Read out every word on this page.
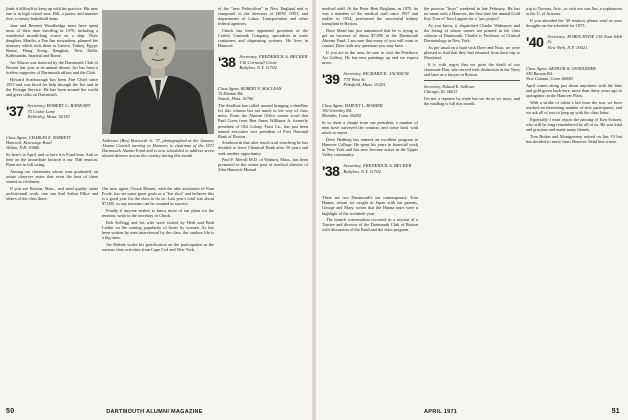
finds it difficult to keep up with his practice. His new one is in high school now. Bill, a junior, and number five, a varsity basketball team.

Jane and Bennett Woodbridge must have spent most of their time traveling in 1970, including a wonderful month-long cruise on a ship. Their daughter, Martha, a Pan Am stewardess, planned the itinerary which took them to Greece, Turkey, Egypt, Beirut, Hong Kong, Bangkok, New Delhi, Kathmandu, Istanbul and Rome.

Art Mason was honored by the Dartmouth Club of Boston last year at its annual dinner. Art has been a tireless supporter of Dartmouth affairs and the Club.

Howard Scarborough has been Fire Chief since 1955 and was hired for help through the fire and in the Foreign Service. He has been around the world and gives talks on Dartmouth.

'37 Secretary, ROBERT C. BANKART
75 Cedar Lane
Wellesley, Mass. 02181
Class Agent, CHARLES E. BARRETT
Hancock, Kearsarge Road
Wilton, N.H. 03086

So here's to April, and so here it is Fund time. And so here on the immediate horizon is our 35th reunion. Plans are in full swing.

Among our classmates whose sons graduated, an astute observer notes that even the best of them started as freshmen.

If you see Boston, Mass., and need quality stone architectural work, one can find Arthur Elliot and others of the class there.

Anderson (Bos) Bosworth Jr. '37, photographed at the January Alumni Council meeting in Hanover, is chairman of the 1971 Dartmouth Alumni Fund and is now scheduled to address seven alumni dinners across the country during this month.

Our new agent, Chuck Bassett, with the able assistance of Fran Poole, has set some great goals as a "hot shot" and believes this is a good year for the class to do so. Last year's total was about $7,000, so any increase can be counted as success.

Finally if anyone wishes to know more of our plans for the reunion, write to the secretary or Chuck.

Bob Kellogg and his wife were visited by Herb and Beth Larkin on the coming popularity of boots by women. As has been written by men interviewed by the class, the outdoor life is a big draw.

Art Klebek writes his gratification on the participation in the various class activities from Cape Cod and New York.

of the "new Federalism" in New England and is composed of the directors of HEW, OEO, and departments of Labor, Transportation and other federal agencies.

Chuck has been appointed president of the Conley Canitank Company, specialists in outer containers and dispensing systems. He lives in Hanover.

'38 Secretary, FREDERICK A. BECKER
136 Cornwall Court
Babylon, N.Y. 11702
Class Agent, ROBERT F. MACLEAN
15 Dunton Rd.
Natick, Mass. 01760

The deadline has rolled around bringing a deadline for this column but not much in the way of class news. From the Alumni Office comes word that Paul Cross from Ben Ames Williams Jr. formerly president of Old Colony Trust Co., has just been named executive vice president of First National Bank of Boston.

Southworth that after much soul searching he has decided to leave Chemical Bank after 30 years and seek another opportunity.

Paul F. Merrill M.D. of Woburn, Mass., has been promoted to the senior post of medical director of John Hancock Mutual.

50	DARTMOUTH ALUMNI MAGAZINE

medical staff. At the Peter Bent Brigham, in 1970, he was a member of the medical staff since 1957 and earlier in 1954, performed the successful kidney transplant in Boston.

Dave Mead has just announced that he is trying to get an increase of about $7,000 in the Dartmouth Alumni Fund. I am sure that many of you will want to contact Dave with any questions you may have.

If you are in the area, be sure to visit the Peterboro Art Gallery. He has new paintings up and we expect more.

'39 Secretary, RICHARD K. JACKSON
775 West St.
Pittsfield, Mass. 01201
Class Agent, HARVEY L. BOSHER
100 Greenley Rd.
Meriden, Conn. 06450

In so short a charge from our president, a number of men have surveyed the reunion, and come back with much to report.

Dave Hedberg has entered an excellent program in Hanover College. He spent his years in financial work in New York and has now become active in the Upper Valley community.

'38 Secretary, FREDERICK A. BECKER
Babylon, N.Y. 11702

There are two Dartmouth's out contemporary. Tom Hanna, whom we caught in Japan with his parents, George and Mary, writes that the Hanna tours were a highlight of the twentieth year.

The branch conversation occurred in a session of a Trustee and director of the Dartmouth Club of Boston with discussion of the Fund and the class program.

the postwar "boys" weekend in late February. He has no name with a Hanover, the first time the annual Gold Key Tour of Tom Lappen for a "pro project".

As you know, it dispatched Charlie Widmayer and the listing of whose names are printed in the class column of Dartmouth. Charlie is Professor of Clinical Dermatology in New York.

As per usual on a hunt with Dave and Nora, we were pleased to find that they had returned from their trip to Maryland.

It is with regret that we print the death of our classmate Dan, who served with distinction in the Navy and later as a lawyer in Boston.

Secretary, Roland E. Sullivan
Chicago, Ill. 60611

I'm not a reporter by trade but we do as we must, and the mailbag is full this month.

trip to Toronto, Ariz., to visit our son Jim, a sophomore at the U. of Arizona.

If you attended the '40 reunion, please send us your thoughts on the schedule for 1975.

'40 Secretary, ROBIN HYDE 136 East 64th St.
New York, N.Y. 10021
Class Agent, ARTHUR W. OSTRANDER
230 Barzan Rd.
New Canaan, Conn. 06840

April comes along just about anywhere with the blue and gold green back here, more than thirty years ago to springtime on the Hanover Plain.

With a stroke of talent a kid from the sun, we have reached an interesting number of new participants, and we ask all of you to keep up with the class letter.

Especially I must report the passing of Ken Schoen, who will be long remembered by all of us. He was kind and gracious and made many friends.

Tom Boden and Montgomery retired on Jan. 15 but has decided to move from Hanover. Send him a note.

APRIL 1971	51
